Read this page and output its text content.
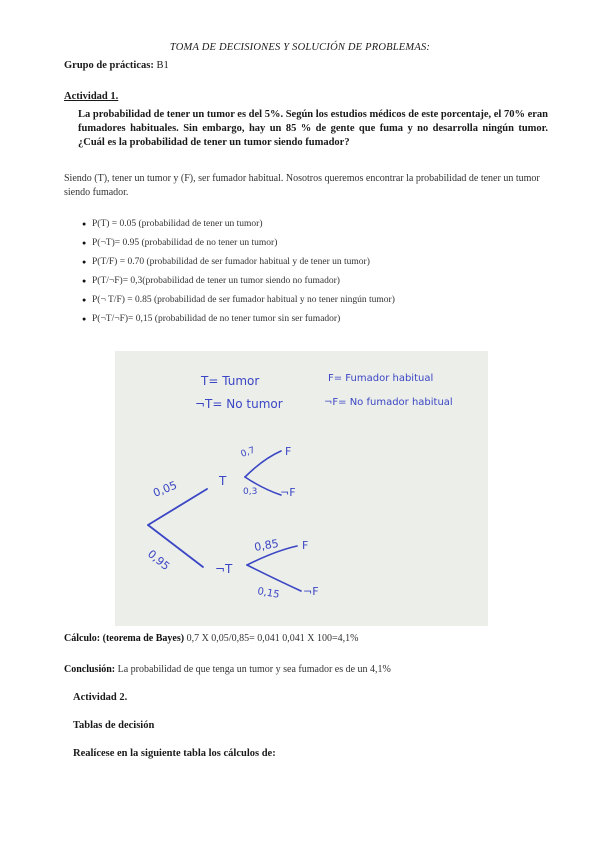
TOMA DE DECISIONES Y SOLUCIÓN DE PROBLEMAS:
Grupo de prácticas: B1
Actividad 1.
La probabilidad de tener un tumor es del 5%. Según los estudios médicos de este porcentaje, el 70% eran fumadores habituales. Sin embargo, hay un 85 % de gente que fuma y no desarrolla ningún tumor. ¿Cuál es la probabilidad de tener un tumor siendo fumador?
Siendo (T), tener un tumor y (F), ser fumador habitual. Nosotros queremos encontrar la probabilidad de tener un tumor siendo fumador.
● P(T) = 0.05 (probabilidad de tener un tumor)
● P(¬T)= 0.95 (probabilidad de no tener un tumor)
● P(T/F) = 0.70 (probabilidad de ser fumador habitual y de tener un tumor)
● P(T/¬F)= 0,3(probabilidad de tener un tumor siendo no fumador)
● P(¬ T/F) = 0.85 (probabilidad de ser fumador habitual y no tener ningún tumor)
● P(¬T/¬F)= 0,15 (probabilidad de no tener tumor sin ser fumador)
T= Tumor	F= Fumador habitual
¬T= No tumor	¬F= No fumador habitual
0,05
0,95
0,7
0,3
0,85
0,15
T
¬T
F
¬F
F
¬F
Cálculo: (teorema de Bayes) 0,7 X 0,05/0,85= 0,041 0,041 X 100=4,1%
Conclusión: La probabilidad de que tenga un tumor y sea fumador es de un 4,1%
Actividad 2.
Tablas de decisión
Realícese en la siguiente tabla los cálculos de:
